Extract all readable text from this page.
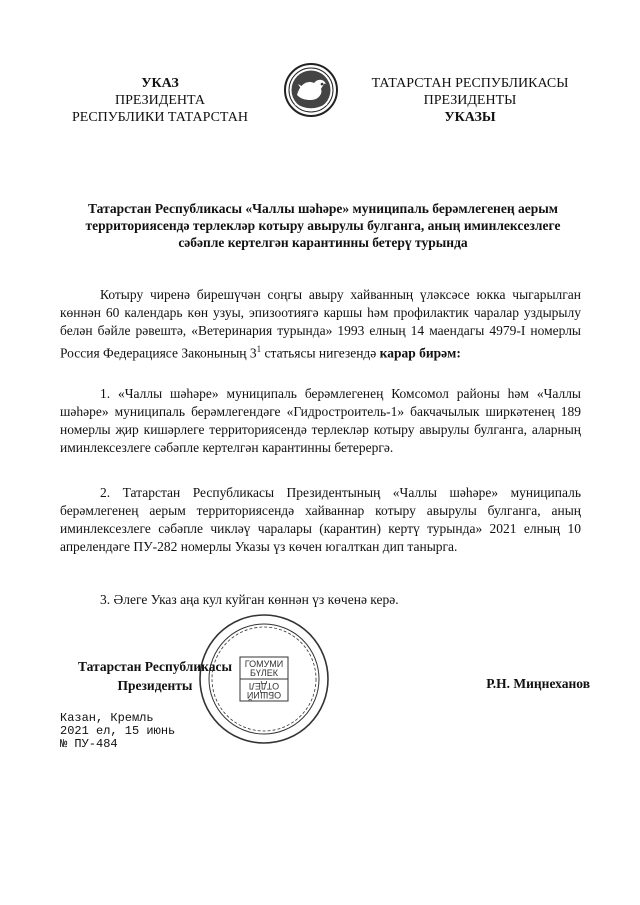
УКАЗ
ПРЕЗИДЕНТА
РЕСПУБЛИКИ ТАТАРСТАН
ТАТАРСТАН РЕСПУБЛИКАСЫ
ПРЕЗИДЕНТЫ
УКАЗЫ
Татарстан Республикасы «Чаллы шәһәре» муниципаль берәмлегенең аерым территориясендә терлекләр котыру авырулы булганга, аның иминлексезлеге сәбәпле кертелгән карантинны бетерү турында
Котыру чиренә бирешүчән соңгы авыру хайванның үләксәсе юкка чыгарылган көннән 60 календарь көн узуы, эпизоотиягә каршы һәм профилактик чаралар уздырылу белән бәйле рәвештә, «Ветеринария турында» 1993 елның 14 маендагы 4979-I номерлы Россия Федерациясе Законының $3^1$ статьясы нигезендә карар бирәм:
1. «Чаллы шәһәре» муниципаль берәмлегенең Комсомол районы һәм «Чаллы шәһәре» муниципаль берәмлегендәге «Гидростроитель-1» бакчачылык ширкәтенең 189 номерлы җир кишәрлеге территориясендә терлекләр котыру авырулы булганга, аларның иминлексезлеге сәбәпле кертелгән карантинны бетерергә.
2. Татарстан Республикасы Президентының «Чаллы шәһәре» муниципаль берәмлегенең аерым территориясендә хайваннар котыру авырулы булганга, аның иминлексезлеге сәбәпле чикләү чаралары (карантин) кертү турында» 2021 елның 10 апрелендәге ПУ-282 номерлы Указы үз көчен югалткан дип танырга.
3. Әлеге Указ аңа кул куйган көннән үз көченә керә.
ГОМУМИ
БҮЛЕК
ОТДЕЛ
ОБЩИЙ
Татарстан Республикасы
Президенты	Р.Н. Миңнеханов
Казан, Кремль
2021 ел, 15 июнь
№ ПУ-484
